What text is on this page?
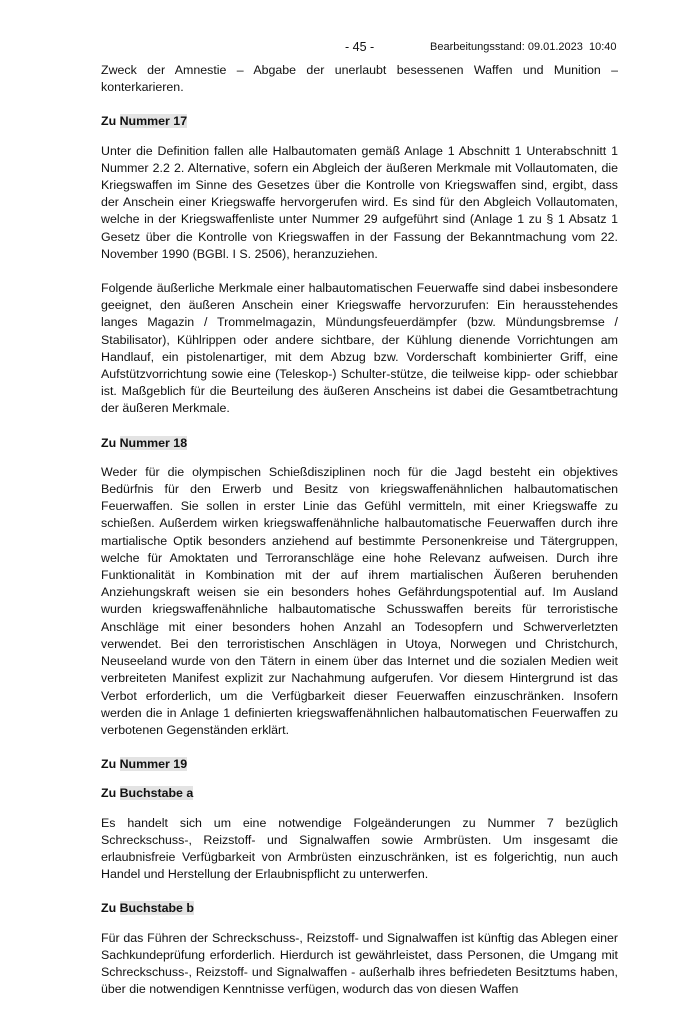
- 45 -	Bearbeitungsstand: 09.01.2023  10:40

Zweck der Amnestie – Abgabe der unerlaubt besessenen Waffen und Munition – konterkarieren.

Zu Nummer 17

Unter die Definition fallen alle Halbautomaten gemäß Anlage 1 Abschnitt 1 Unterabschnitt 1 Nummer 2.2 2. Alternative, sofern ein Abgleich der äußeren Merkmale mit Vollautomaten, die Kriegswaffen im Sinne des Gesetzes über die Kontrolle von Kriegswaffen sind, ergibt, dass der Anschein einer Kriegswaffe hervorgerufen wird. Es sind für den Abgleich Vollautomaten, welche in der Kriegswaffenliste unter Nummer 29 aufgeführt sind (Anlage 1 zu § 1 Absatz 1 Gesetz über die Kontrolle von Kriegswaffen in der Fassung der Bekanntmachung vom 22. November 1990 (BGBl. I S. 2506), heranzuziehen.

Folgende äußerliche Merkmale einer halbautomatischen Feuerwaffe sind dabei insbesondere geeignet, den äußeren Anschein einer Kriegswaffe hervorzurufen: Ein herausstehendes langes Magazin / Trommelmagazin, Mündungsfeuerdämpfer (bzw. Mündungsbremse / Stabilisator), Kühlrippen oder andere sichtbare, der Kühlung dienende Vorrichtungen am Handlauf, ein pistolenartiger, mit dem Abzug bzw. Vorderschaft kombinierter Griff, eine Aufstützvorrichtung sowie eine (Teleskop-) Schulter-stütze, die teilweise kipp- oder schiebbar ist. Maßgeblich für die Beurteilung des äußeren Anscheins ist dabei die Gesamtbetrachtung der äußeren Merkmale.

Zu Nummer 18

Weder für die olympischen Schießdisziplinen noch für die Jagd besteht ein objektives Bedürfnis für den Erwerb und Besitz von kriegswaffenähnlichen halbautomatischen Feuerwaffen. Sie sollen in erster Linie das Gefühl vermitteln, mit einer Kriegswaffe zu schießen. Außerdem wirken kriegswaffenähnliche halbautomatische Feuerwaffen durch ihre martialische Optik besonders anziehend auf bestimmte Personenkreise und Tätergruppen, welche für Amoktaten und Terroranschläge eine hohe Relevanz aufweisen. Durch ihre Funktionalität in Kombination mit der auf ihrem martialischen Äußeren beruhenden Anziehungskraft weisen sie ein besonders hohes Gefährdungspotential auf. Im Ausland wurden kriegswaffenähnliche halbautomatische Schusswaffen bereits für terroristische Anschläge mit einer besonders hohen Anzahl an Todesopfern und Schwerverletzten verwendet. Bei den terroristischen Anschlägen in Utoya, Norwegen und Christchurch, Neuseeland wurde von den Tätern in einem über das Internet und die sozialen Medien weit verbreiteten Manifest explizit zur Nachahmung aufgerufen. Vor diesem Hintergrund ist das Verbot erforderlich, um die Verfügbarkeit dieser Feuerwaffen einzuschränken. Insofern werden die in Anlage 1 definierten kriegswaffenähnlichen halbautomatischen Feuerwaffen zu verbotenen Gegenständen erklärt.

Zu Nummer 19

Zu Buchstabe a

Es handelt sich um eine notwendige Folgeänderungen zu Nummer 7 bezüglich Schreckschuss-, Reizstoff- und Signalwaffen sowie Armbrüsten. Um insgesamt die erlaubnisfreie Verfügbarkeit von Armbrüsten einzuschränken, ist es folgerichtig, nun auch Handel und Herstellung der Erlaubnispflicht zu unterwerfen.

Zu Buchstabe b

Für das Führen der Schreckschuss-, Reizstoff- und Signalwaffen ist künftig das Ablegen einer Sachkundeprüfung erforderlich. Hierdurch ist gewährleistet, dass Personen, die Umgang mit Schreckschuss-, Reizstoff- und Signalwaffen - außerhalb ihres befriedeten Besitztums haben, über die notwendigen Kenntnisse verfügen, wodurch das von diesen Waffen
